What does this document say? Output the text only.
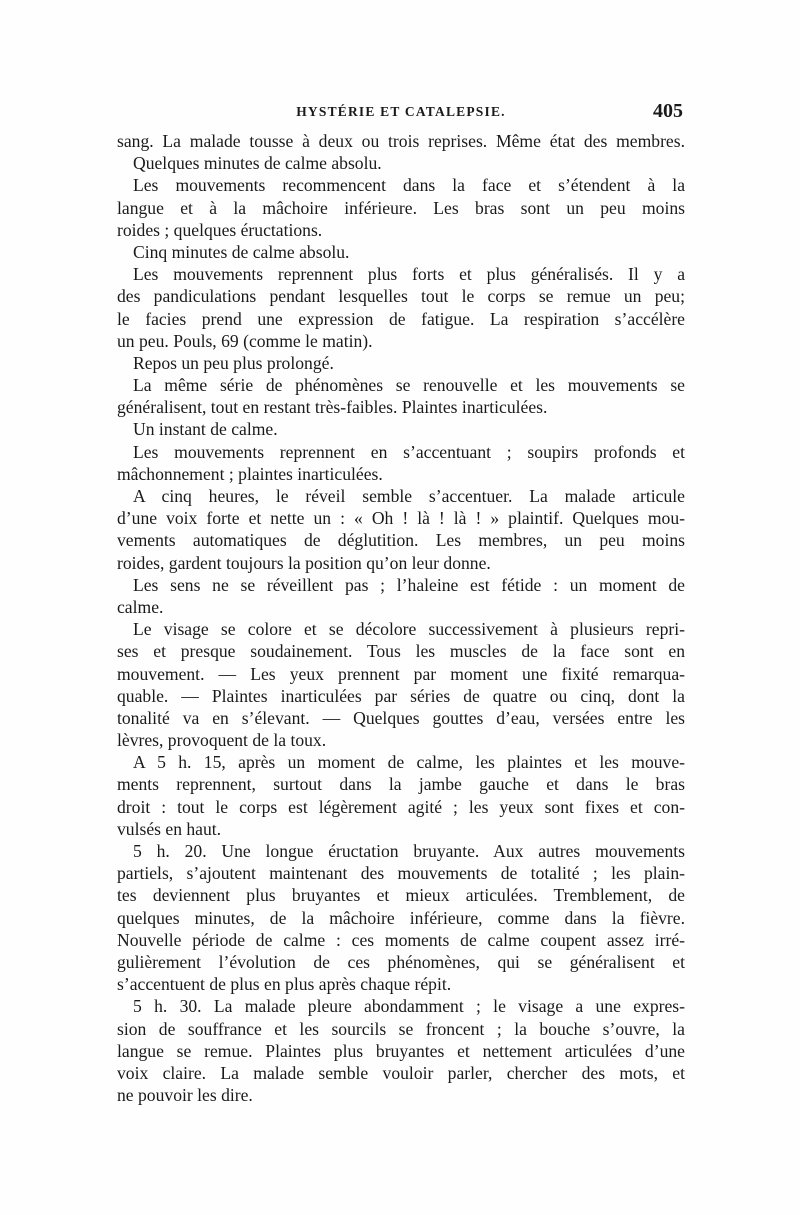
HYSTÉRIE ET CATALEPSIE.	405
sang. La malade tousse à deux ou trois reprises. Même état des membres.
Quelques minutes de calme absolu.
Les mouvements recommencent dans la face et s’étendent à la
langue et à la mâchoire inférieure. Les bras sont un peu moins
roides ; quelques éructations.
Cinq minutes de calme absolu.
Les mouvements reprennent plus forts et plus généralisés. Il y a
des pandiculations pendant lesquelles tout le corps se remue un peu;
le facies prend une expression de fatigue. La respiration s’accélère
un peu. Pouls, 69 (comme le matin).
Repos un peu plus prolongé.
La même série de phénomènes se renouvelle et les mouvements se
généralisent, tout en restant très-faibles. Plaintes inarticulées.
Un instant de calme.
Les mouvements reprennent en s’accentuant ; soupirs profonds et
mâchonnement ; plaintes inarticulées.
A cinq heures, le réveil semble s’accentuer. La malade articule
d’une voix forte et nette un : « Oh ! là ! là ! » plaintif. Quelques mou-
vements automatiques de déglutition. Les membres, un peu moins
roides, gardent toujours la position qu’on leur donne.
Les sens ne se réveillent pas ; l’haleine est fétide : un moment de
calme.
Le visage se colore et se décolore successivement à plusieurs repri-
ses et presque soudainement. Tous les muscles de la face sont en
mouvement. — Les yeux prennent par moment une fixité remarqua-
quable. — Plaintes inarticulées par séries de quatre ou cinq, dont la
tonalité va en s’élevant. — Quelques gouttes d’eau, versées entre les
lèvres, provoquent de la toux.
A 5 h. 15, après un moment de calme, les plaintes et les mouve-
ments reprennent, surtout dans la jambe gauche et dans le bras
droit : tout le corps est légèrement agité ; les yeux sont fixes et con-
vulsés en haut.
5 h. 20. Une longue éructation bruyante. Aux autres mouvements
partiels, s’ajoutent maintenant des mouvements de totalité ; les plain-
tes deviennent plus bruyantes et mieux articulées. Tremblement, de
quelques minutes, de la mâchoire inférieure, comme dans la fièvre.
Nouvelle période de calme : ces moments de calme coupent assez irré-
gulièrement l’évolution de ces phénomènes, qui se généralisent et
s’accentuent de plus en plus après chaque répit.
5 h. 30. La malade pleure abondamment ; le visage a une expres-
sion de souffrance et les sourcils se froncent ; la bouche s’ouvre, la
langue se remue. Plaintes plus bruyantes et nettement articulées d’une
voix claire. La malade semble vouloir parler, chercher des mots, et
ne pouvoir les dire.
